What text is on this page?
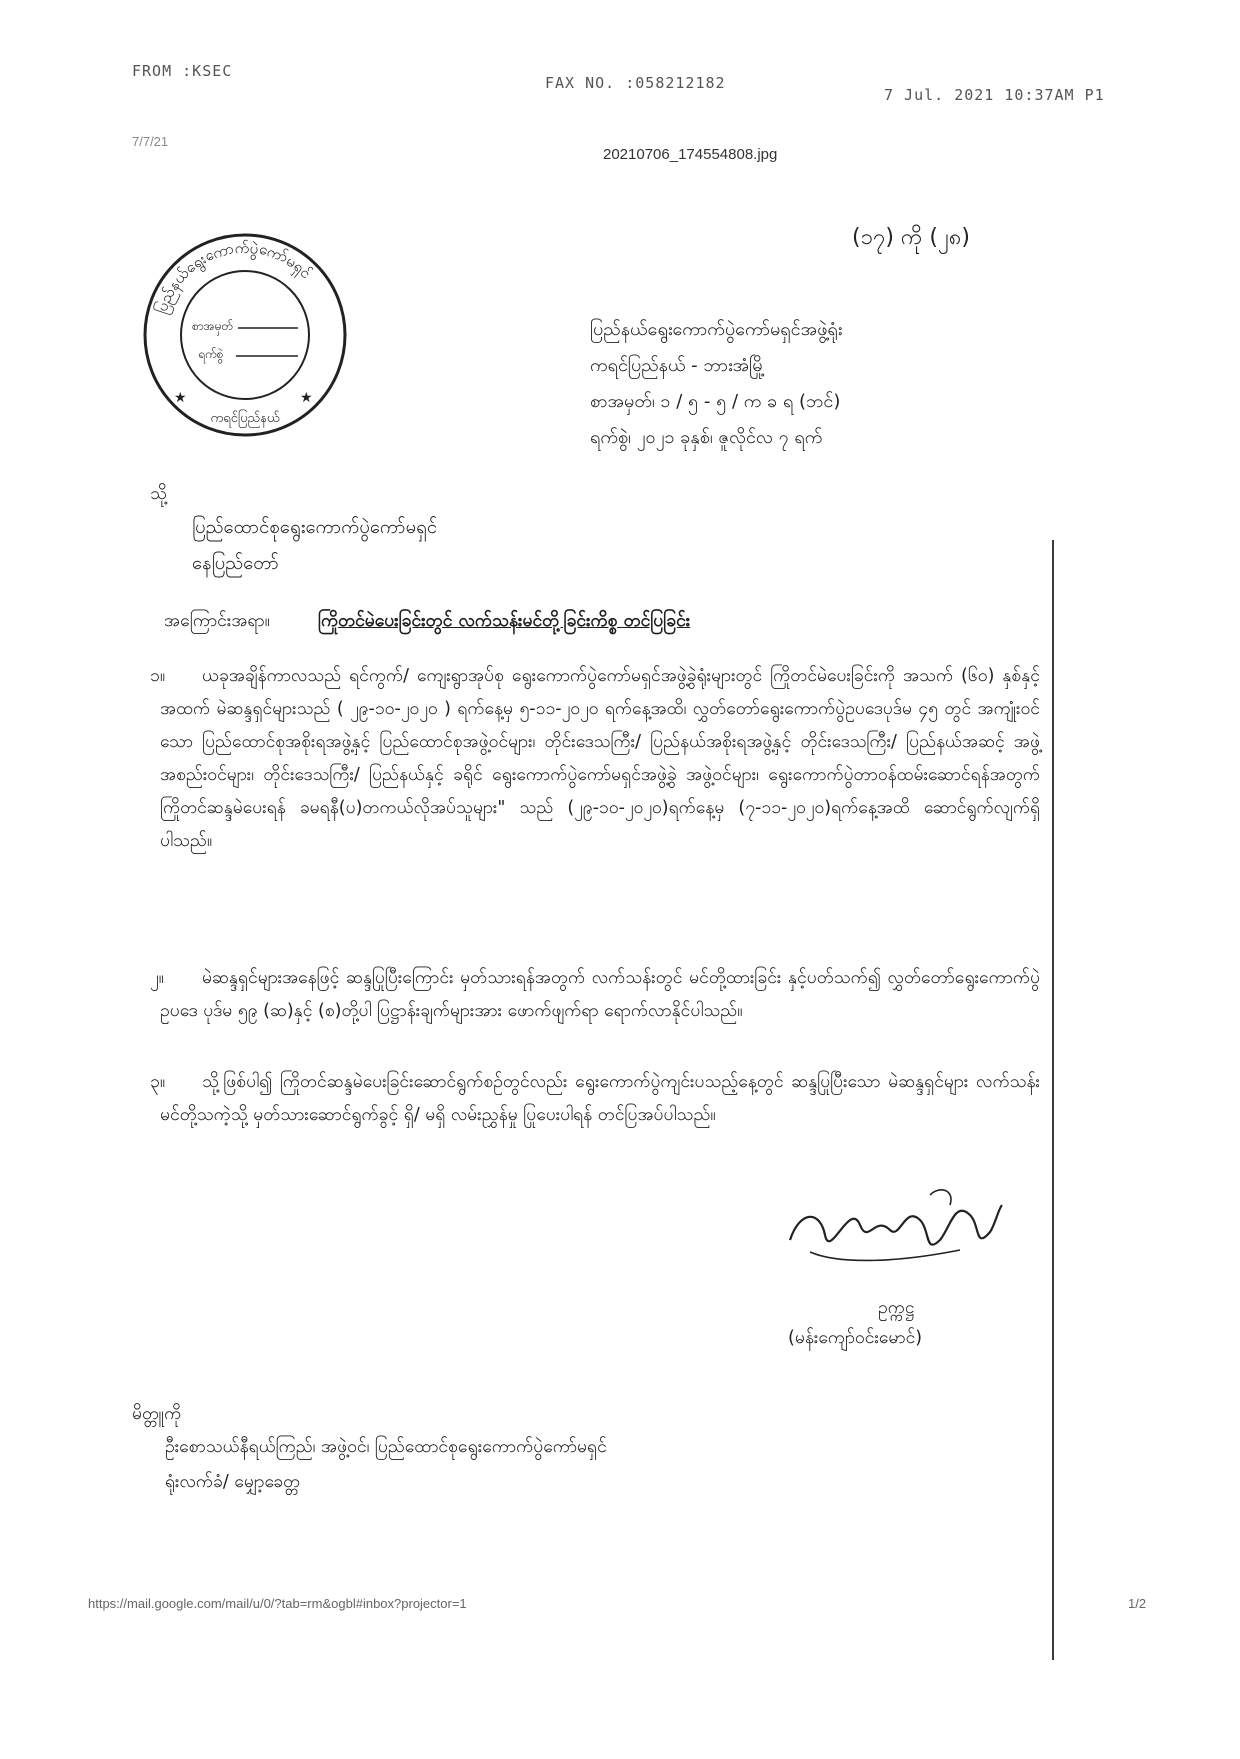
FROM :KSEC
FAX NO. :058212182
7 Jul. 2021 10:37AM P1
7/7/21
20210706_174554808.jpg
(၁၇) ကို (၂၈)
ပြည်နယ်ရွေးကောက်ပွဲကော်မရှင်
ကရင်ပြည်နယ်
စာအမှတ်
ရက်စွဲ
★	★
ပြည်နယ်ရွေးကောက်ပွဲကော်မရှင်အဖွဲ့ရုံး
ကရင်ပြည်နယ် - ဘားအံမြို့
စာအမှတ်၊ ၁ / ၅ - ၅ / က ခ ရ (ဘင်)
ရက်စွဲ၊ ၂၀၂၁ ခုနှစ်၊ ဇူလိုင်လ ၇ ရက်
သို့
ပြည်ထောင်စုရွေးကောက်ပွဲကော်မရှင်
နေပြည်တော်
အကြောင်းအရာ။	ကြိုတင်မဲပေးခြင်းတွင် လက်သန်းမင်တို့ခြင်းကိစ္စ တင်ပြခြင်း
၁။	ယခုအချိန်ကာလသည် ရင်ကွက်/ ကျေးရွာအုပ်စု ရွေးကောက်ပွဲကော်မရှင်အဖွဲ့ခွဲရုံးများတွင် ကြိုတင်မဲပေးခြင်းကို အသက် (၆၀) နှစ်နှင့် အထက် မဲဆန္ဒရှင်များသည် ( ၂၉-၁၀-၂၀၂၀ ) ရက်နေ့မှ ၅-၁၁-၂၀၂၀ ရက်နေ့အထိ၊ လွှတ်တော်ရွေးကောက်ပွဲဥပဒေပုဒ်မ ၄၅ တွင် အကျုံးဝင်သော ပြည်ထောင်စုအစိုးရအဖွဲ့နှင့် ပြည်ထောင်စုအဖွဲ့ဝင်များ၊ တိုင်းဒေသကြီး/ ပြည်နယ်အစိုးရအဖွဲ့နှင့် တိုင်းဒေသကြီး/ ပြည်နယ်အဆင့် အဖွဲ့အစည်းဝင်များ၊ တိုင်းဒေသကြီး/ ပြည်နယ်နှင့် ခရိုင် ရွေးကောက်ပွဲကော်မရှင်အဖွဲ့ခွဲ အဖွဲ့ဝင်များ၊ ရွေးကောက်ပွဲတာဝန်ထမ်းဆောင်ရန်အတွက် ကြိုတင်ဆန္ဒမဲပေးရန် ခမရနီ(ပ)တကယ်လိုအပ်သူများ" သည် (၂၉-၁၀-၂၀၂၀)ရက်နေ့မှ (၇-၁၁-၂၀၂၀)ရက်နေ့အထိ ဆောင်ရွက်လျက်ရှိပါသည်။
၂။	မဲဆန္ဒရှင်များအနေဖြင့် ဆန္ဒပြုပြီးကြောင်း မှတ်သားရန်အတွက် လက်သန်းတွင် မင်တို့ထားခြင်း နှင့်ပတ်သက်၍ လွှတ်တော်ရွေးကောက်ပွဲဥပဒေ ပုဒ်မ ၅၉ (ဆ)နှင့် (စ)တို့ပါ ပြဋ္ဌာန်းချက်များအား ဖောက်ဖျက်ရာ ရောက်လာနိုင်ပါသည်။
၃။	သို့ဖြစ်ပါ၍ ကြိုတင်ဆန္ဒမဲပေးခြင်းဆောင်ရွက်စဉ်တွင်လည်း ရွေးကောက်ပွဲကျင်းပသည့်နေ့တွင် ဆန္ဒပြုပြီးသော မဲဆန္ဒရှင်များ လက်သန်းမင်တို့သကဲ့သို့ မှတ်သားဆောင်ရွက်ခွင့် ရှိ/ မရှိ လမ်းညွှန်မှု ပြုပေးပါရန် တင်ပြအပ်ပါသည်။
ဥက္ကဋ္ဌ
(မန်းကျော်ဝင်းမောင်)
မိတ္တူကို
ဦးစောသယ်နီရယ်ကြည်၊ အဖွဲ့ဝင်၊ ပြည်ထောင်စုရွေးကောက်ပွဲကော်မရှင်
ရုံးလက်ခံ/ မျှော့ခေတ္တ
https://mail.google.com/mail/u/0/?tab=rm&ogbl#inbox?projector=1	1/2
